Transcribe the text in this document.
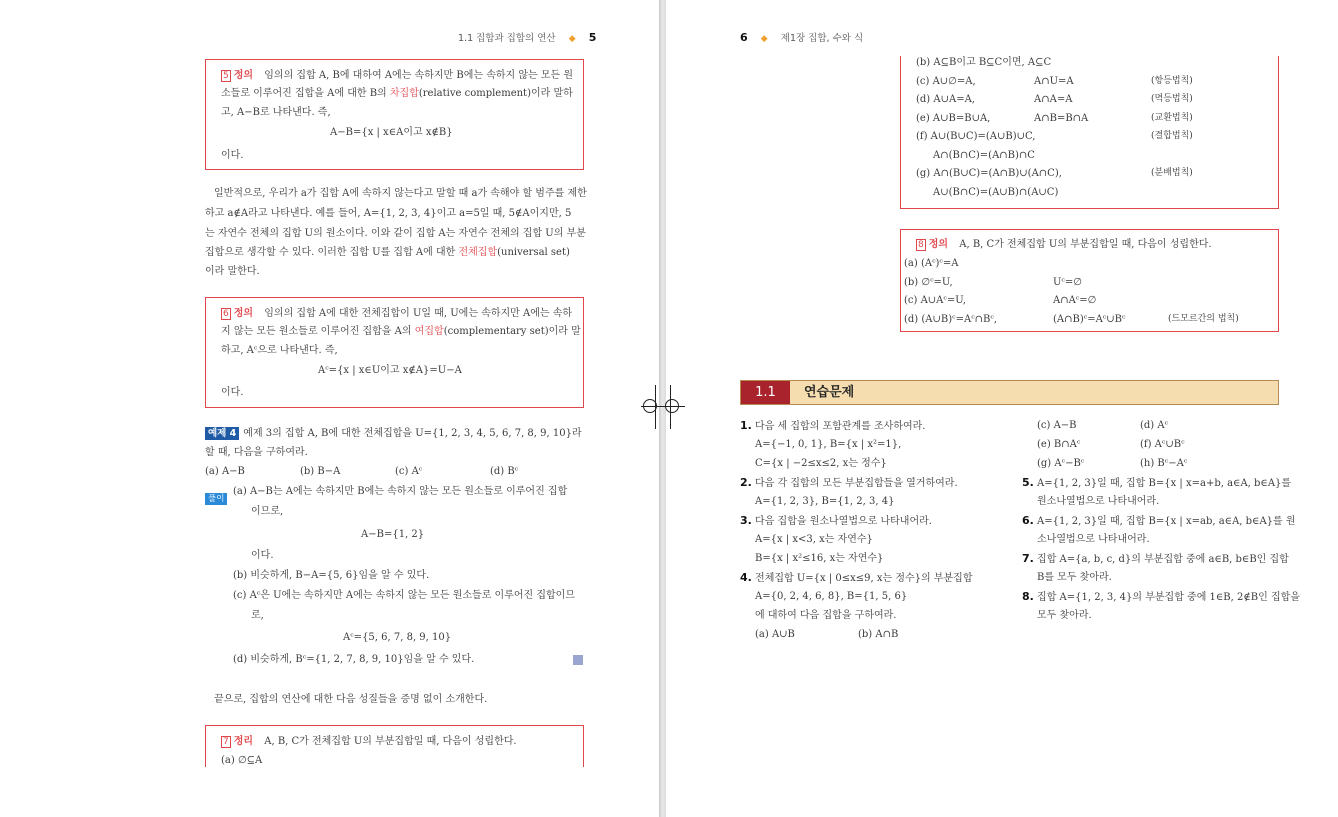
1.1 집합과 집합의 연산 ◆ 5
5 정의 임의의 집합 A, B에 대하여 A에는 속하지만 B에는 속하지 않는 모든 원
소들로 이루어진 집합을 A에 대한 B의 차집합(relative complement)이라 말하
고, A−B로 나타낸다. 즉,
A−B={x | x∈A이고 x∉B}
이다.
일반적으로, 우리가 a가 집합 A에 속하지 않는다고 말할 때 a가 속해야 할 범주를 제한
하고 a∉A라고 나타낸다. 예를 들어, A={1, 2, 3, 4}이고 a=5일 때, 5∉A이지만, 5
는 자연수 전체의 집합 U의 원소이다. 이와 같이 집합 A는 자연수 전체의 집합 U의 부분
집합으로 생각할 수 있다. 이러한 집합 U를 집합 A에 대한 전체집합(universal set)
이라 말한다.
6 정의 임의의 집합 A에 대한 전체집합이 U일 때, U에는 속하지만 A에는 속하
지 않는 모든 원소들로 이루어진 집합을 A의 여집합(complementary set)이라 말
하고, Aᶜ으로 나타낸다. 즉,
Aᶜ={x | x∈U이고 x∉A}=U−A
이다.
예제 4 예제 3의 집합 A, B에 대한 전체집합을 U={1, 2, 3, 4, 5, 6, 7, 8, 9, 10}라
할 때, 다음을 구하여라.
(a) A−B	(b) B−A	(c) Aᶜ	(d) Bᶜ
풀이
(a) A−B는 A에는 속하지만 B에는 속하지 않는 모든 원소들로 이루어진 집합
이므로,
A−B={1, 2}
이다.
(b) 비슷하게, B−A={5, 6}임을 알 수 있다.
(c) Aᶜ은 U에는 속하지만 A에는 속하지 않는 모든 원소들로 이루어진 집합이므
로,
Aᶜ={5, 6, 7, 8, 9, 10}
(d) 비슷하게, Bᶜ={1, 2, 7, 8, 9, 10}임을 알 수 있다.
끝으로, 집합의 연산에 대한 다음 성질들을 증명 없이 소개한다.
7 정리 A, B, C가 전체집합 U의 부분집합일 때, 다음이 성립한다.
(a) ∅⊆A
6 ◆ 제1장 집합, 수와 식
(b) A⊆B이고 B⊆C이면, A⊆C
(c) A∪∅=A,	A∩U=A	(항등법칙)
(d) A∪A=A,	A∩A=A	(멱등법칙)
(e) A∪B=B∪A,	A∩B=B∩A	(교환법칙)
(f) A∪(B∪C)=(A∪B)∪C,	(결합법칙)
A∩(B∩C)=(A∩B)∩C
(g) A∩(B∪C)=(A∩B)∪(A∩C),	(분배법칙)
A∪(B∩C)=(A∪B)∩(A∪C)
8 정의 A, B, C가 전체집합 U의 부분집합일 때, 다음이 성립한다.
(a) (Aᶜ)ᶜ=A
(b) ∅ᶜ=U,	Uᶜ=∅
(c) A∪Aᶜ=U,	A∩Aᶜ=∅
(d) (A∪B)ᶜ=Aᶜ∩Bᶜ,	(A∩B)ᶜ=Aᶜ∪Bᶜ	(드모르간의 법칙)
1.1	연습문제
1. 다음 세 집합의 포함관계를 조사하여라.
A={−1, 0, 1}, B={x | x²=1},
C={x | −2≤x≤2, x는 정수}
2. 다음 각 집합의 모든 부분집합들을 열거하여라.
A={1, 2, 3}, B={1, 2, 3, 4}
3. 다음 집합을 원소나열법으로 나타내어라.
A={x | x<3, x는 자연수}
B={x | x²≤16, x는 자연수}
4. 전체집합 U={x | 0≤x≤9, x는 정수}의 부분집합
A={0, 2, 4, 6, 8}, B={1, 5, 6}
에 대하여 다음 집합을 구하여라.
(a) A∪B	(b) A∩B
(c) A−B	(d) Aᶜ
(e) B∩Aᶜ	(f) Aᶜ∪Bᶜ
(g) Aᶜ−Bᶜ	(h) Bᶜ−Aᶜ
5. A={1, 2, 3}일 때, 집합 B={x | x=a+b, a∈A, b∈A}를
원소나열법으로 나타내어라.
6. A={1, 2, 3}일 때, 집합 B={x | x=ab, a∈A, b∈A}를 원
소나열법으로 나타내어라.
7. 집합 A={a, b, c, d}의 부분집합 중에 a∈B, b∈B인 집합
B를 모두 찾아라.
8. 집합 A={1, 2, 3, 4}의 부분집합 중에 1∈B, 2∉B인 집합을
모두 찾아라.
